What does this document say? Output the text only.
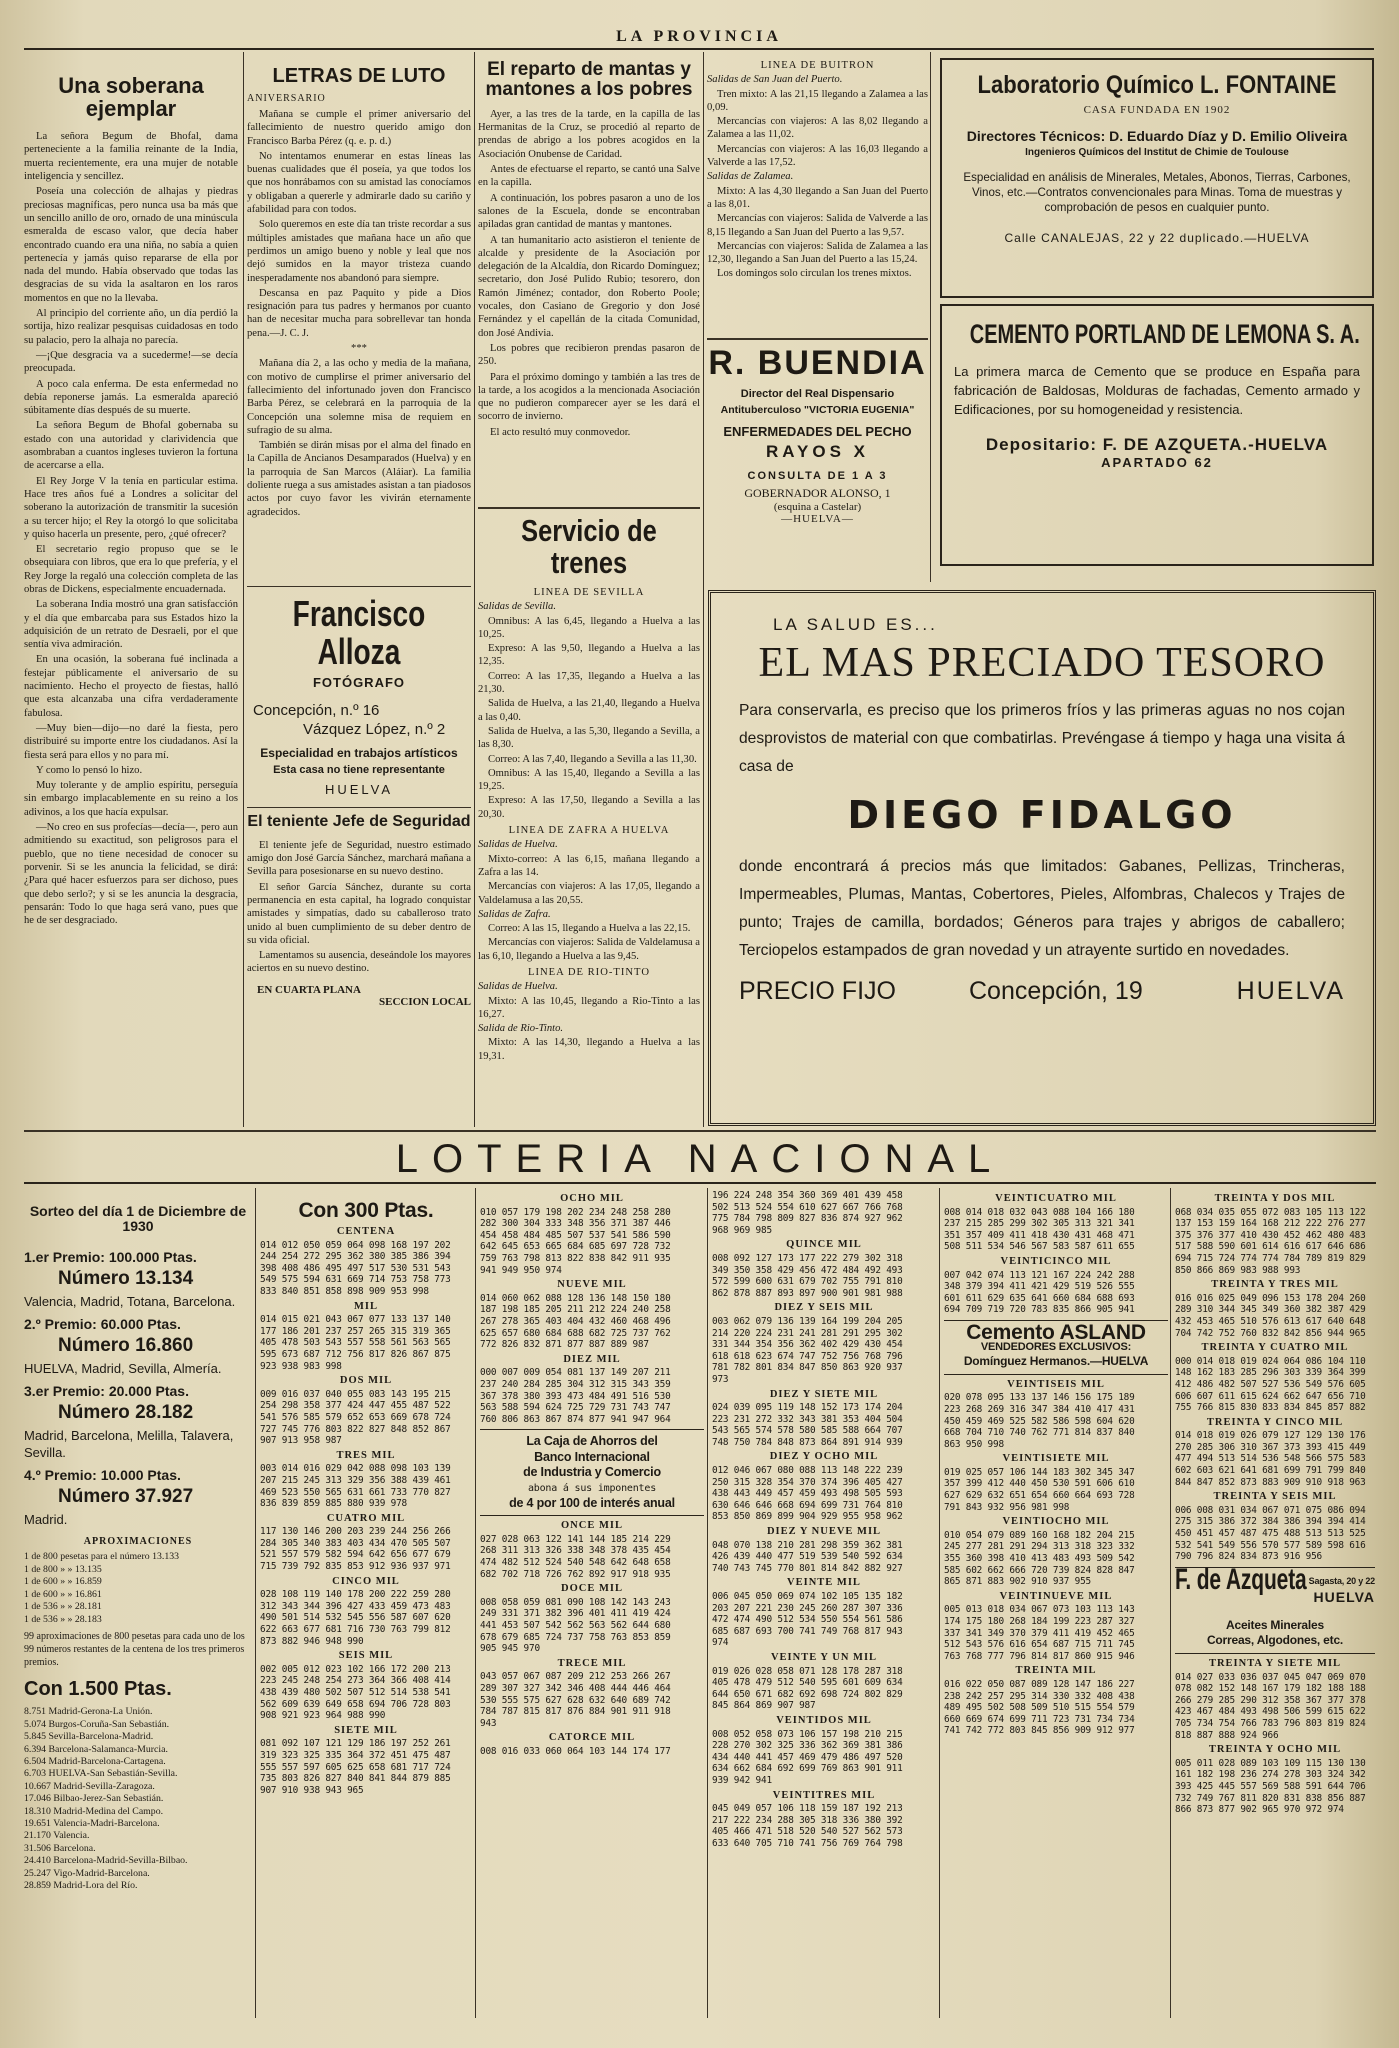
LA PROVINCIA
Una soberana ejemplar

La señora Begum de Bhofal, dama perteneciente a la familia reinante de la India, muerta recientemente, era una mujer de notable inteligencia y sencillez.

Poseía una colección de alhajas y piedras preciosas magníficas, pero nunca usa ba más que un sencillo anillo de oro, ornado de una minúscula esmeralda de escaso valor, que decía haber encontrado cuando era una niña, no sabía a quien pertenecía y jamás quiso repararse de ella por nada del mundo. Había observado que todas las desgracias de su vida la asaltaron en los raros momentos en que no la llevaba.

Al principio del corriente año, un día perdió la sortija, hizo realizar pesquisas cuidadosas en todo su palacio, pero la alhaja no parecía.

—¡Que desgracia va a sucederme!—se decía preocupada.

A poco cala enferma. De esta enfermedad no debía reponerse jamás. La esmeralda apareció súbitamente días después de su muerte.

La señora Begum de Bhofal gobernaba su estado con una autoridad y clarividencia que asombraban a cuantos ingleses tuvieron la fortuna de acercarse a ella.

El Rey Jorge V la tenía en particular estima. Hace tres años fué a Londres a solicitar del soberano la autorización de transmitir la sucesión a su tercer hijo; el Rey la otorgó lo que solicitaba y quiso hacerla un presente, pero, ¿qué ofrecer?

El secretario regio propuso que se le obsequiara con libros, que era lo que prefería, y el Rey Jorge la regaló una colección completa de las obras de Dickens, especialmente encuadernada.

La soberana India mostró una gran satisfacción y el día que embarcaba para sus Estados hizo la adquisición de un retrato de Desraeli, por el que sentía viva admiración.

En una ocasión, la soberana fué inclinada a festejar públicamente el aniversario de su nacimiento. Hecho el proyecto de fiestas, halló que esta alcanzaba una cifra verdaderamente fabulosa.

—Muy bien—dijo—no daré la fiesta, pero distribuiré su importe entre los ciudadanos. Así la fiesta será para ellos y no para mí.

Y como lo pensó lo hizo.

Muy tolerante y de amplio espíritu, perseguía sin embargo implacablemente en su reino a los adivinos, a los que hacía expulsar.

—No creo en sus profecías—decía—, pero aun admitiendo su exactitud, son peligrosos para el pueblo, que no tiene necesidad de conocer su porvenir. Si se les anuncia la felicidad, se dirá: ¿Para qué hacer esfuerzos para ser dichoso, pues que debo serlo?; y si se les anuncia la desgracia, pensarán: Todo lo que haga será vano, pues que he de ser desgraciado.

LETRAS DE LUTO
ANIVERSARIO

Mañana se cumple el primer aniversario del fallecimiento de nuestro querido amigo don Francisco Barba Pérez (q. e. p. d.)

No intentamos enumerar en estas líneas las buenas cualidades que él poseía, ya que todos los que nos honrábamos con su amistad las conocíamos y obligaban a quererle y admirarle dado su cariño y afabilidad para con todos.

Solo queremos en este día tan triste recordar a sus múltiples amistades que mañana hace un año que perdimos un amigo bueno y noble y leal que nos dejó sumidos en la mayor tristeza cuando inesperadamente nos abandonó para siempre.

Descansa en paz Paquito y pide a Dios resignación para tus padres y hermanos por cuanto han de necesitar mucha para sobrellevar tan honda pena.—J. C. J.

***

Mañana día 2, a las ocho y media de la mañana, con motivo de cumplirse el primer aniversario del fallecimiento del infortunado joven don Francisco Barba Pérez, se celebrará en la parroquia de la Concepción una solemne misa de requiem en sufragio de su alma.

También se dirán misas por el alma del finado en la Capilla de Ancianos Desamparados (Huelva) y en la parroquia de San Marcos (Aláiar). La familia doliente ruega a sus amistades asistan a tan piadosos actos por cuyo favor les vivirán eternamente agradecidos.

Francisco Alloza
FOTÓGRAFO
Concepción, n.º 16
Vázquez López, n.º 2
Especialidad en trabajos artísticos
Esta casa no tiene representante
HUELVA
El teniente Jefe de Seguridad

El teniente jefe de Seguridad, nuestro estimado amigo don José García Sánchez, marchará mañana a Sevilla para posesionarse en su nuevo destino.

El señor García Sánchez, durante su corta permanencia en esta capital, ha logrado conquistar amistades y simpatías, dado su caballeroso trato unido al buen cumplimiento de su deber dentro de su vida oficial.

Lamentamos su ausencia, deseándole los mayores aciertos en su nuevo destino.

EN CUARTA PLANA
SECCION LOCAL
El reparto de mantas y mantones a los pobres

Ayer, a las tres de la tarde, en la capilla de las Hermanitas de la Cruz, se procedió al reparto de prendas de abrigo a los pobres acogidos en la Asociación Onubense de Caridad.

Antes de efectuarse el reparto, se cantó una Salve en la capilla.

A continuación, los pobres pasaron a uno de los salones de la Escuela, donde se encontraban apiladas gran cantidad de mantas y mantones.

A tan humanitario acto asistieron el teniente de alcalde y presidente de la Asociación por delegación de la Alcaldía, don Ricardo Domínguez; secretario, don José Pulido Rubio; tesorero, don Ramón Jiménez; contador, don Roberto Poole; vocales, don Casiano de Gregorio y don José Fernández y el capellán de la citada Comunidad, don José Andivia.

Los pobres que recibieron prendas pasaron de 250.

Para el próximo domingo y también a las tres de la tarde, a los acogidos a la mencionada Asociación que no pudieron comparecer ayer se les dará el socorro de invierno.

El acto resultó muy conmovedor.

Servicio de trenes

LINEA DE SEVILLA

Salidas de Sevilla.

Omnibus: A las 6,45, llegando a Huelva a las 10,25.

Expreso: A las 9,50, llegando a Huelva a las 12,35.

Correo: A las 17,35, llegando a Huelva a las 21,30.

Salida de Huelva, a las 21,40, llegando a Huelva a las 0,40.

Salida de Huelva, a las 5,30, llegando a Sevilla, a las 8,30.

Correo: A las 7,40, llegando a Sevilla a las 11,30.

Omnibus: A las 15,40, llegando a Sevilla a las 19,25.

Expreso: A las 17,50, llegando a Sevilla a las 20,30.

LINEA DE ZAFRA A HUELVA

Salidas de Huelva.

Mixto-correo: A las 6,15, mañana llegando a Zafra a las 14.

Mercancías con viajeros: A las 17,05, llegando a Valdelamusa a las 20,55.

Salidas de Zafra.

Correo: A las 15, llegando a Huelva a las 22,15.

Mercancías con viajeros: Salida de Valdelamusa a las 6,10, llegando a Huelva a las 9,45.

LINEA DE RIO-TINTO

Salidas de Huelva.

Mixto: A las 10,45, llegando a Rio-Tinto a las 16,27.

Salida de Rio-Tinto.

Mixto: A las 14,30, llegando a Huelva a las 19,31.

LINEA DE BUITRON

Salidas de San Juan del Puerto.

Tren mixto: A las 21,15 llegando a Zalamea a las 0,09.

Mercancías con viajeros: A las 8,02 llegando a Zalamea a las 11,02.

Mercancías con viajeros: A las 16,03 llegando a Valverde a las 17,52.

Salidas de Zalamea.

Mixto: A las 4,30 llegando a San Juan del Puerto a las 8,01.

Mercancías con viajeros: Salida de Valverde a las 8,15 llegando a San Juan del Puerto a las 9,57.

Mercancías con viajeros: Salida de Zalamea a las 12,30, llegando a San Juan del Puerto a las 15,24.

Los domingos solo circulan los trenes mixtos.

R. BUENDIA
Director del Real Dispensario
Antituberculoso "VICTORIA EUGENIA"
ENFERMEDADES DEL PECHO
RAYOS X
CONSULTA DE 1 A 3
GOBERNADOR ALONSO, 1
(esquina a Castelar)
—HUELVA—
Laboratorio Químico L. FONTAINE
CASA FUNDADA EN 1902
Directores Técnicos: D. Eduardo Díaz y D. Emilio Oliveira
Ingenieros Químicos del Institut de Chimie de Toulouse
Especialidad en análisis de Minerales, Metales, Abonos, Tierras, Carbones, Vinos, etc.—Contratos convencionales para Minas. Toma de muestras y comprobación de pesos en cualquier punto.
Calle CANALEJAS, 22 y 22 duplicado.—HUELVA
CEMENTO PORTLAND DE LEMONA S. A.
La primera marca de Cemento que se produce en España para fabricación de Baldosas, Molduras de fachadas, Cemento armado y Edificaciones, por su homogeneidad y resistencia.
Depositario: F. DE AZQUETA.-HUELVA
APARTADO 62
LA SALUD ES...
EL MAS PRECIADO TESORO
Para conservarla, es preciso que los primeros fríos y las primeras aguas no nos cojan desprovistos de material con que combatirlas. Prevéngase á tiempo y haga una visita á casa de
DIEGO FIDALGO
donde encontrará á precios más que limitados: Gabanes, Pellizas, Trincheras, Impermeables, Plumas, Mantas, Cobertores, Pieles, Alfombras, Chalecos y Trajes de punto; Trajes de camilla, bordados; Géneros para trajes y abrigos de caballero; Terciopelos estampados de gran novedad y un atrayente surtido en novedades.
PRECIO FIJO	Concepción, 19	HUELVA
LOTERIA NACIONAL
Sorteo del día 1 de Diciembre de 1930
1.er Premio: 100.000 Ptas.
Número 13.134
Valencia, Madrid, Totana, Barcelona.
2.º Premio: 60.000 Ptas.
Número 16.860
HUELVA, Madrid, Sevilla, Almería.
3.er Premio: 20.000 Ptas.
Número 28.182
Madrid, Barcelona, Melilla, Talavera, Sevilla.
4.º Premio: 10.000 Ptas.
Número 37.927
Madrid.
APROXIMACIONES
1 de 800 pesetas para el número 13.133
1 de 800 » » 13.135
1 de 600 » » 16.859
1 de 600 » » 16.861
1 de 536 » » 28.181
1 de 536 » » 28.183
99 aproximaciones de 800 pesetas para cada uno de los 99 números restantes de la centena de los tres primeros premios.
Con 1.500 Ptas.
8.751 Madrid-Gerona-La Unión.
5.074 Burgos-Coruña-San Sebastián.
5.845 Sevilla-Barcelona-Madrid.
6.394 Barcelona-Salamanca-Murcia.
6.504 Madrid-Barcelona-Cartagena.
6.703 HUELVA-San Sebastián-Sevilla.
10.667 Madrid-Sevilla-Zaragoza.
17.046 Bilbao-Jerez-San Sebastián.
18.310 Madrid-Medina del Campo.
19.651 Valencia-Madri-Barcelona.
21.170 Valencia.
31.506 Barcelona.
24.410 Barcelona-Madrid-Sevilla-Bilbao.
25.247 Vigo-Madrid-Barcelona.
28.859 Madrid-Lora del Río.
Con 300 Ptas.
CENTENA
014 012 050 059 064 098 168 197 202
244 254 272 295 362 380 385 386 394
398 408 486 495 497 517 530 531 543
549 575 594 631 669 714 753 758 773
833 840 851 858 898 909 953 998
MIL
014 015 021 043 067 077 133 137 140
177 186 201 237 257 265 315 319 365
405 478 503 543 557 558 561 563 565
595 673 687 712 756 817 826 867 875
923 938 983 998
DOS MIL
009 016 037 040 055 083 143 195 215
254 298 358 377 424 447 455 487 522
541 576 585 579 652 653 669 678 724
727 745 776 803 822 827 848 852 867
907 913 958 987
TRES MIL
003 014 016 029 042 088 098 103 139
207 215 245 313 329 356 388 439 461
469 523 550 565 631 661 733 770 827
836 839 859 885 880 939 978
CUATRO MIL
117 130 146 200 203 239 244 256 266
284 305 340 383 403 434 470 505 507
521 557 579 582 594 642 656 677 679
715 739 792 835 853 912 936 937 971
CINCO MIL
028 108 119 140 178 200 222 259 280
312 343 344 396 427 433 459 473 483
490 501 514 532 545 556 587 607 620
622 663 677 681 716 730 763 799 812
873 882 946 948 990
SEIS MIL
002 005 012 023 102 166 172 200 213
223 245 248 254 273 364 366 408 414
438 439 480 502 507 512 514 538 541
562 609 639 649 658 694 706 728 803
908 921 923 964 988 990
SIETE MIL
081 092 107 121 129 186 197 252 261
319 323 325 335 364 372 451 475 487
555 557 597 605 625 658 681 717 724
735 803 826 827 840 841 844 879 885
907 910 938 943 965
OCHO MIL
010 057 179 198 202 234 248 258 280
282 300 304 333 348 356 371 387 446
454 458 484 485 507 537 541 586 590
642 645 653 665 684 685 697 728 732
759 763 798 813 822 838 842 911 935
941 949 950 974
NUEVE MIL
014 060 062 088 128 136 148 150 180
187 198 185 205 211 212 224 240 258
267 278 365 403 404 432 460 468 496
625 657 680 684 688 682 725 737 762
772 826 832 871 877 887 889 987
DIEZ MIL
000 007 009 054 081 137 149 207 211
237 240 284 285 304 312 315 343 359
367 378 380 393 473 484 491 516 530
563 588 594 624 725 729 731 743 747
760 806 863 867 874 877 941 947 964
La Caja de Ahorros del
Banco Internacional
de Industria y Comercio
abona á sus imponentes
de 4 por 100 de interés anual
ONCE MIL
027 028 063 122 141 144 185 214 229
268 311 313 326 338 348 378 435 454
474 482 512 524 540 548 642 648 658
682 702 718 726 762 892 917 918 935
DOCE MIL
008 058 059 081 090 108 142 143 243
249 331 371 382 396 401 411 419 424
441 453 507 542 562 563 562 644 680
678 679 685 724 737 758 763 853 859
905 945 970
TRECE MIL
043 057 067 087 209 212 253 266 267
289 307 327 342 346 408 444 446 464
530 555 575 627 628 632 640 689 742
784 787 815 817 876 884 901 911 918
943
CATORCE MIL
008 016 033 060 064 103 144 174 177
196 224 248 354 360 369 401 439 458
502 513 524 554 610 627 667 766 768
775 784 798 809 827 836 874 927 962
968 969 985
QUINCE MIL
008 092 127 173 177 222 279 302 318
349 350 358 429 456 472 484 492 493
572 599 600 631 679 702 755 791 810
862 878 887 893 897 900 901 981 988
DIEZ Y SEIS MIL
003 062 079 136 139 164 199 204 205
214 220 224 231 241 281 291 295 302
331 344 354 356 362 402 429 430 454
618 618 623 674 747 752 756 768 796
781 782 801 834 847 850 863 920 937
973
DIEZ Y SIETE MIL
024 039 095 119 148 152 173 174 204
223 231 272 332 343 381 353 404 504
543 565 574 578 580 585 588 664 707
748 750 784 848 873 864 891 914 939
DIEZ Y OCHO MIL
012 046 067 080 088 113 148 222 239
250 315 328 354 370 374 396 405 427
438 443 449 457 459 493 498 505 593
630 646 646 668 694 699 731 764 810
853 850 869 899 904 929 955 958 962
DIEZ Y NUEVE MIL
048 070 138 210 281 298 359 362 381
426 439 440 477 519 539 540 592 634
740 743 745 770 801 814 842 882 927
VEINTE MIL
006 045 050 069 074 102 105 135 182
203 207 221 230 245 260 287 307 336
472 474 490 512 534 550 554 561 586
685 687 693 700 741 749 768 817 943
974
VEINTE Y UN MIL
019 026 028 058 071 128 178 287 318
405 478 479 512 540 595 601 609 634
644 650 671 682 692 698 724 802 829
845 864 869 907 987
VEINTIDOS MIL
008 052 058 073 106 157 198 210 215
228 270 302 325 336 362 369 381 386
434 440 441 457 469 479 486 497 520
634 662 684 692 699 769 863 901 911
939 942 941
VEINTITRES MIL
045 049 057 106 118 159 187 192 213
217 222 234 288 305 318 336 380 392
405 466 471 518 520 540 527 562 573
633 640 705 710 741 756 769 764 798
VEINTICUATRO MIL
008 014 018 032 043 088 104 166 180
237 215 285 299 302 305 313 321 341
351 357 409 411 418 430 431 468 471
508 511 534 546 567 583 587 611 655
VEINTICINCO MIL
007 042 074 113 121 167 224 242 288
348 379 394 411 421 429 519 526 555
601 611 629 635 641 660 684 688 693
694 709 719 720 783 835 866 905 941
Cemento ASLAND
VENDEDORES EXCLUSIVOS:
Domínguez Hermanos.—HUELVA
VEINTISEIS MIL
020 078 095 133 137 146 156 175 189
223 268 269 316 347 384 410 417 431
450 459 469 525 582 586 598 604 620
668 704 710 740 762 771 814 837 840
863 950 998
VEINTISIETE MIL
019 025 057 106 144 183 302 345 347
357 399 412 440 450 530 591 606 610
627 629 632 651 654 660 664 693 728
791 843 932 956 981 998
VEINTIOCHO MIL
010 054 079 089 160 168 182 204 215
245 277 281 291 294 313 318 323 332
355 360 398 410 413 483 493 509 542
585 602 662 666 720 739 824 828 847
865 871 883 902 910 937 955
VEINTINUEVE MIL
005 013 018 034 067 073 103 113 143
174 175 180 268 184 199 223 287 327
337 341 349 370 379 411 419 452 465
512 543 576 616 654 687 715 711 745
763 768 777 796 814 817 860 915 946
TREINTA MIL
016 022 050 087 089 128 147 186 227
238 242 257 295 314 330 332 408 438
489 495 502 508 509 510 515 554 579
660 669 674 699 711 723 731 734 734
741 742 772 803 845 856 909 912 977
TREINTA Y DOS MIL
068 034 035 055 072 083 105 113 122
137 153 159 164 168 212 222 276 277
375 376 377 410 430 452 462 480 483
517 588 590 601 614 616 617 646 686
694 715 724 774 774 784 789 819 829
850 866 869 983 988 993
TREINTA Y TRES MIL
016 016 025 049 096 153 178 204 260
289 310 344 345 349 360 382 387 429
432 453 465 510 576 613 617 640 648
704 742 752 760 832 842 856 944 965
TREINTA Y CUATRO MIL
000 014 018 019 024 064 086 104 110
148 162 183 285 296 303 339 364 399
412 486 482 507 527 536 549 576 605
606 607 611 615 624 662 647 656 710
755 766 815 830 833 834 845 857 882
TREINTA Y CINCO MIL
014 018 019 026 079 127 129 130 176
270 285 306 310 367 373 393 415 449
477 494 513 514 536 548 566 575 583
602 603 621 641 681 699 791 799 840
844 847 852 873 883 909 910 918 963
TREINTA Y SEIS MIL
006 008 031 034 067 071 075 086 094
275 315 386 372 384 386 394 394 414
450 451 457 487 475 488 513 513 525
532 541 549 556 570 577 589 598 616
790 796 824 834 873 916 956
F. de Azqueta Sagasta, 20 y 22
HUELVA
Aceites Minerales
Correas, Algodones, etc.
TREINTA Y SIETE MIL
014 027 033 036 037 045 047 069 070
078 082 152 148 167 179 182 188 188
266 279 285 290 312 358 367 377 378
423 467 484 493 498 506 599 615 622
705 734 754 766 783 796 803 819 824
818 887 888 924 966
TREINTA Y OCHO MIL
005 011 028 089 103 109 115 130 130
161 182 198 236 274 278 303 324 342
393 425 445 557 569 588 591 644 706
732 749 767 811 820 831 838 856 887
866 873 877 902 965 970 972 974
